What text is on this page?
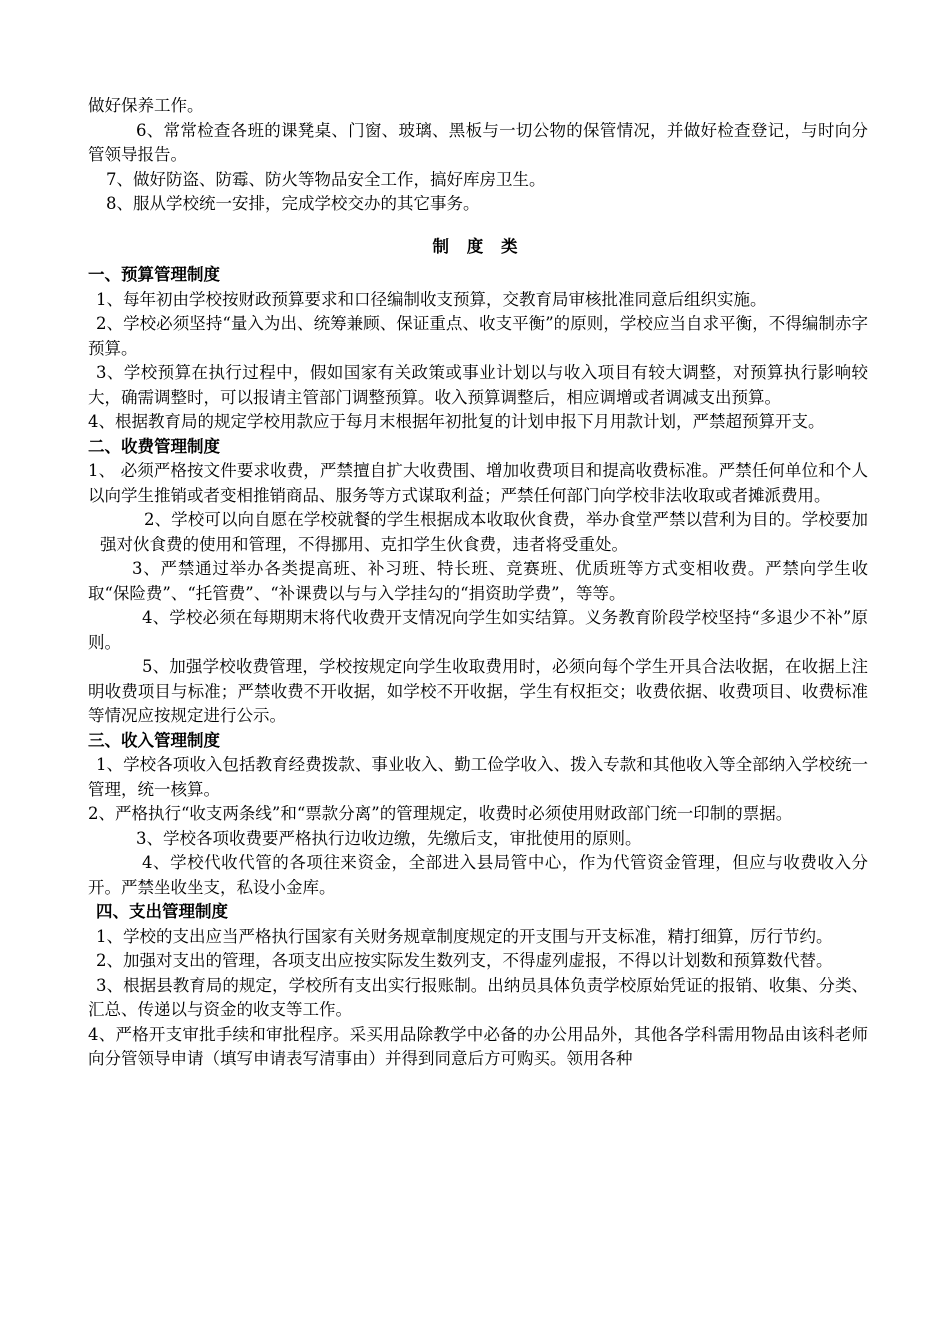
做好保养工作。

6、常常检查各班的课凳桌、门窗、玻璃、黑板与一切公物的保管情况，并做好检查登记，与时向分管领导报告。

7、做好防盗、防霉、防火等物品安全工作，搞好库房卫生。

8、服从学校统一安排，完成学校交办的其它事务。

制 度 类

一、预算管理制度

1、每年初由学校按财政预算要求和口径编制收支预算，交教育局审核批准同意后组织实施。

2、学校必须坚持“量入为出、统筹兼顾、保证重点、收支平衡”的原则，学校应当自求平衡，不得编制赤字预算。

3、学校预算在执行过程中，假如国家有关政策或事业计划以与收入项目有较大调整，对预算执行影响较大，确需调整时，可以报请主管部门调整预算。收入预算调整后，相应调增或者调减支出预算。

4、根据教育局的规定学校用款应于每月末根据年初批复的计划申报下月用款计划，严禁超预算开支。

二、收费管理制度

1、 必须严格按文件要求收费，严禁擅自扩大收费围、增加收费项目和提高收费标准。严禁任何单位和个人以向学生推销或者变相推销商品、服务等方式谋取利益；严禁任何部门向学校非法收取或者摊派费用。

2、学校可以向自愿在学校就餐的学生根据成本收取伙食费，举办食堂严禁以营利为目的。学校要加强对伙食费的使用和管理，不得挪用、克扣学生伙食费，违者将受重处。

3、严禁通过举办各类提高班、补习班、特长班、竞赛班、优质班等方式变相收费。严禁向学生收取“保险费”、“托管费”、“补课费以与与入学挂勾的“捐资助学费”，等等。

4、学校必须在每期期末将代收费开支情况向学生如实结算。义务教育阶段学校坚持“多退少不补”原则。

5、加强学校收费管理，学校按规定向学生收取费用时，必须向每个学生开具合法收据，在收据上注明收费项目与标准；严禁收费不开收据，如学校不开收据，学生有权拒交；收费依据、收费项目、收费标准等情况应按规定进行公示。

三、收入管理制度

1、学校各项收入包括教育经费拨款、事业收入、勤工俭学收入、拨入专款和其他收入等全部纳入学校统一管理，统一核算。

2、严格执行“收支两条线”和“票款分离”的管理规定，收费时必须使用财政部门统一印制的票据。

3、学校各项收费要严格执行边收边缴，先缴后支，审批使用的原则。

4、学校代收代管的各项往来资金，全部进入县局管中心，作为代管资金管理，但应与收费收入分开。严禁坐收坐支，私设小金库。

四、支出管理制度

1、学校的支出应当严格执行国家有关财务规章制度规定的开支围与开支标准，精打细算，厉行节约。

2、加强对支出的管理，各项支出应按实际发生数列支，不得虚列虚报，不得以计划数和预算数代替。

3、根据县教育局的规定，学校所有支出实行报账制。出纳员具体负责学校原始凭证的报销、收集、分类、汇总、传递以与资金的收支等工作。

4、严格开支审批手续和审批程序。采买用品除教学中必备的办公用品外，其他各学科需用物品由该科老师向分管领导申请（填写申请表写清事由）并得到同意后方可购买。领用各种
